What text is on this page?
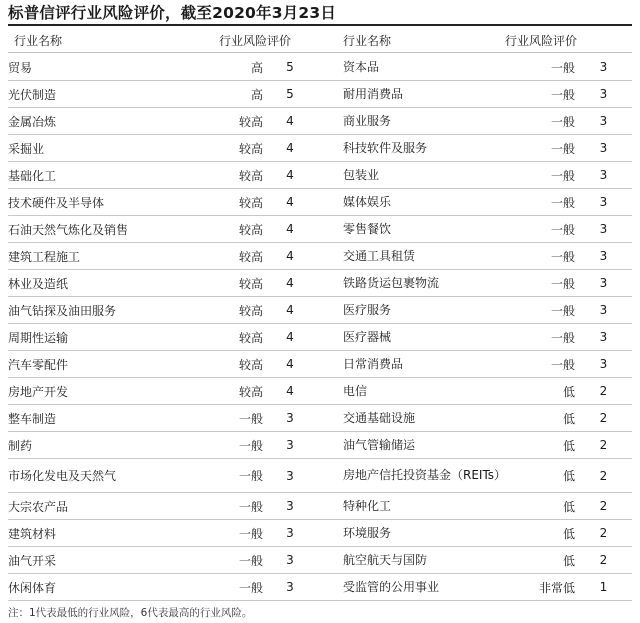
标普信评行业风险评价，截至2020年3月23日
行业名称	行业风险评价	行业名称	行业风险评价
贸易	高	5		资本品	一般	3
光伏制造	高	5		耐用消费品	一般	3
金属冶炼	较高	4		商业服务	一般	3
采掘业	较高	4		科技软件及服务	一般	3
基础化工	较高	4		包装业	一般	3
技术硬件及半导体	较高	4		媒体娱乐	一般	3
石油天然气炼化及销售	较高	4		零售餐饮	一般	3
建筑工程施工	较高	4		交通工具租赁	一般	3
林业及造纸	较高	4		铁路货运包裹物流	一般	3
油气钻探及油田服务	较高	4		医疗服务	一般	3
周期性运输	较高	4		医疗器械	一般	3
汽车零配件	较高	4		日常消费品	一般	3
房地产开发	较高	4		电信	低	2
整车制造	一般	3		交通基础设施	低	2
制药	一般	3		油气管输储运	低	2
市场化发电及天然气	一般	3		房地产信托投资基金（REITs）	低	2
大宗农产品	一般	3		特种化工	低	2
建筑材料	一般	3		环境服务	低	2
油气开采	一般	3		航空航天与国防	低	2
休闲体育	一般	3		受监管的公用事业	非常低	1
注：1代表最低的行业风险，6代表最高的行业风险。
